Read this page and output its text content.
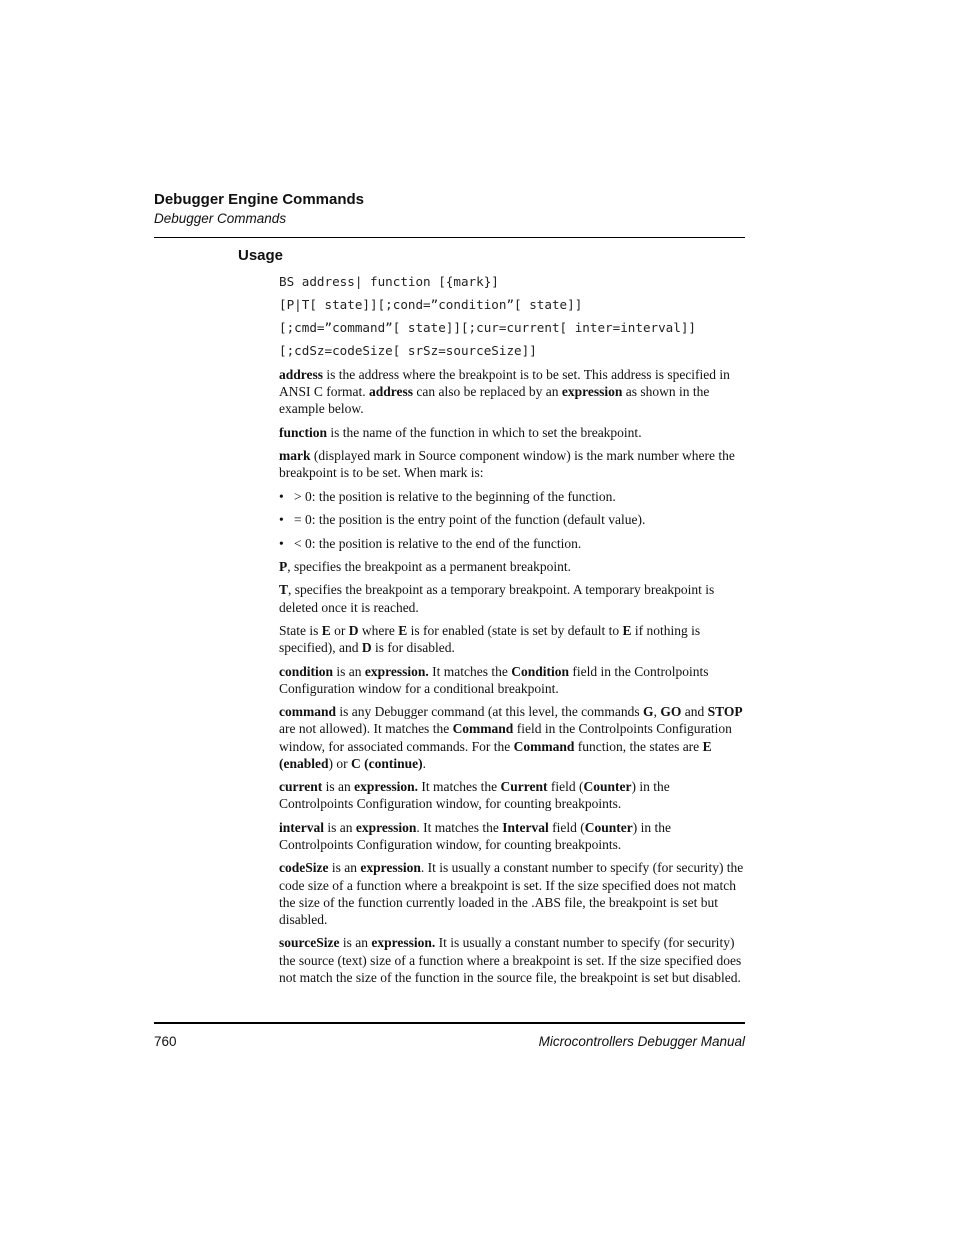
Debugger Engine Commands
Debugger Commands
Usage
BS address| function [{mark}]
[P|T[ state]][;cond=”condition”[ state]]
[;cmd=”command”[ state]][;cur=current[ inter=interval]]
[;cdSz=codeSize[ srSz=sourceSize]]

address is the address where the breakpoint is to be set. This address is specified in ANSI C format. address can also be replaced by an expression as shown in the example below.

function is the name of the function in which to set the breakpoint.

mark (displayed mark in Source component window) is the mark number where the breakpoint is to be set. When mark is:

• > 0: the position is relative to the beginning of the function.
• = 0: the position is the entry point of the function (default value).
• < 0: the position is relative to the end of the function.

P, specifies the breakpoint as a permanent breakpoint.

T, specifies the breakpoint as a temporary breakpoint. A temporary breakpoint is deleted once it is reached.

State is E or D where E is for enabled (state is set by default to E if nothing is specified), and D is for disabled.

condition is an expression. It matches the Condition field in the Controlpoints Configuration window for a conditional breakpoint.

command is any Debugger command (at this level, the commands G, GO and STOP are not allowed). It matches the Command field in the Controlpoints Configuration window, for associated commands. For the Command function, the states are E (enabled) or C (continue).

current is an expression. It matches the Current field (Counter) in the Controlpoints Configuration window, for counting breakpoints.

interval is an expression. It matches the Interval field (Counter) in the Controlpoints Configuration window, for counting breakpoints.

codeSize is an expression. It is usually a constant number to specify (for security) the code size of a function where a breakpoint is set. If the size specified does not match the size of the function currently loaded in the .ABS file, the breakpoint is set but disabled.

sourceSize is an expression. It is usually a constant number to specify (for security) the source (text) size of a function where a breakpoint is set. If the size specified does not match the size of the function in the source file, the breakpoint is set but disabled.

760	Microcontrollers Debugger Manual
